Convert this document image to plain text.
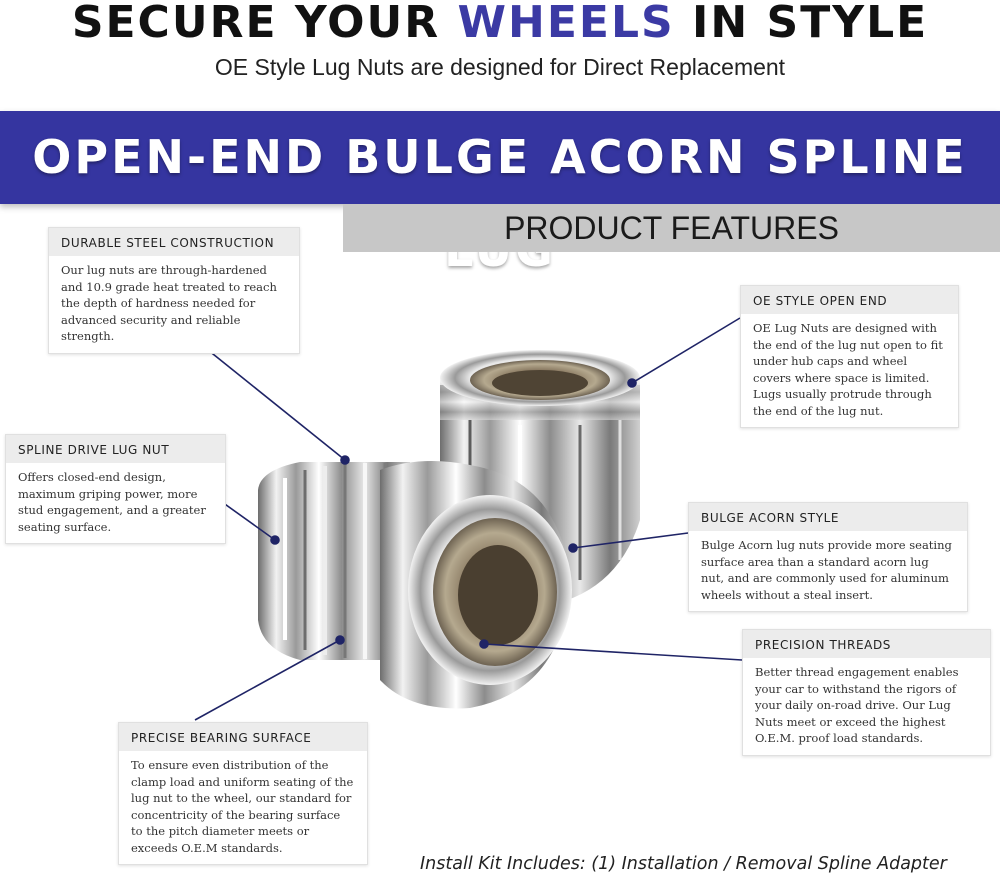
SECURE YOUR WHEELS IN STYLE
OE Style Lug Nuts are designed for Direct Replacement
OPEN-END BULGE ACORN SPLINE
PRODUCT FEATURES
DURABLE STEEL CONSTRUCTION
Our lug nuts are through-hardened and 10.9 grade heat treated to reach the depth of hardness needed for advanced security and reliable strength.
OE STYLE OPEN END
OE Lug Nuts are designed with the end of the lug nut open to fit under hub caps and wheel covers where space is limited. Lugs usually protrude through the end of the lug nut.
SPLINE DRIVE LUG NUT
Offers closed-end design, maximum griping power, more stud engagement, and a greater seating surface.
BULGE ACORN STYLE
Bulge Acorn lug nuts provide more seating surface area than a standard acorn lug nut, and are commonly used for aluminum wheels without a steal insert.
PRECISION THREADS
Better thread engagement enables your car to withstand the rigors of your daily on-road drive. Our Lug Nuts meet or exceed the highest O.E.M. proof load standards.
PRECISE BEARING SURFACE
To ensure even distribution of the clamp load and uniform seating of the lug nut to the wheel, our standard for concentricity of the bearing surface to the pitch diameter meets or exceeds O.E.M standards.
Install Kit Includes: (1) Installation / Removal Spline Adapter
